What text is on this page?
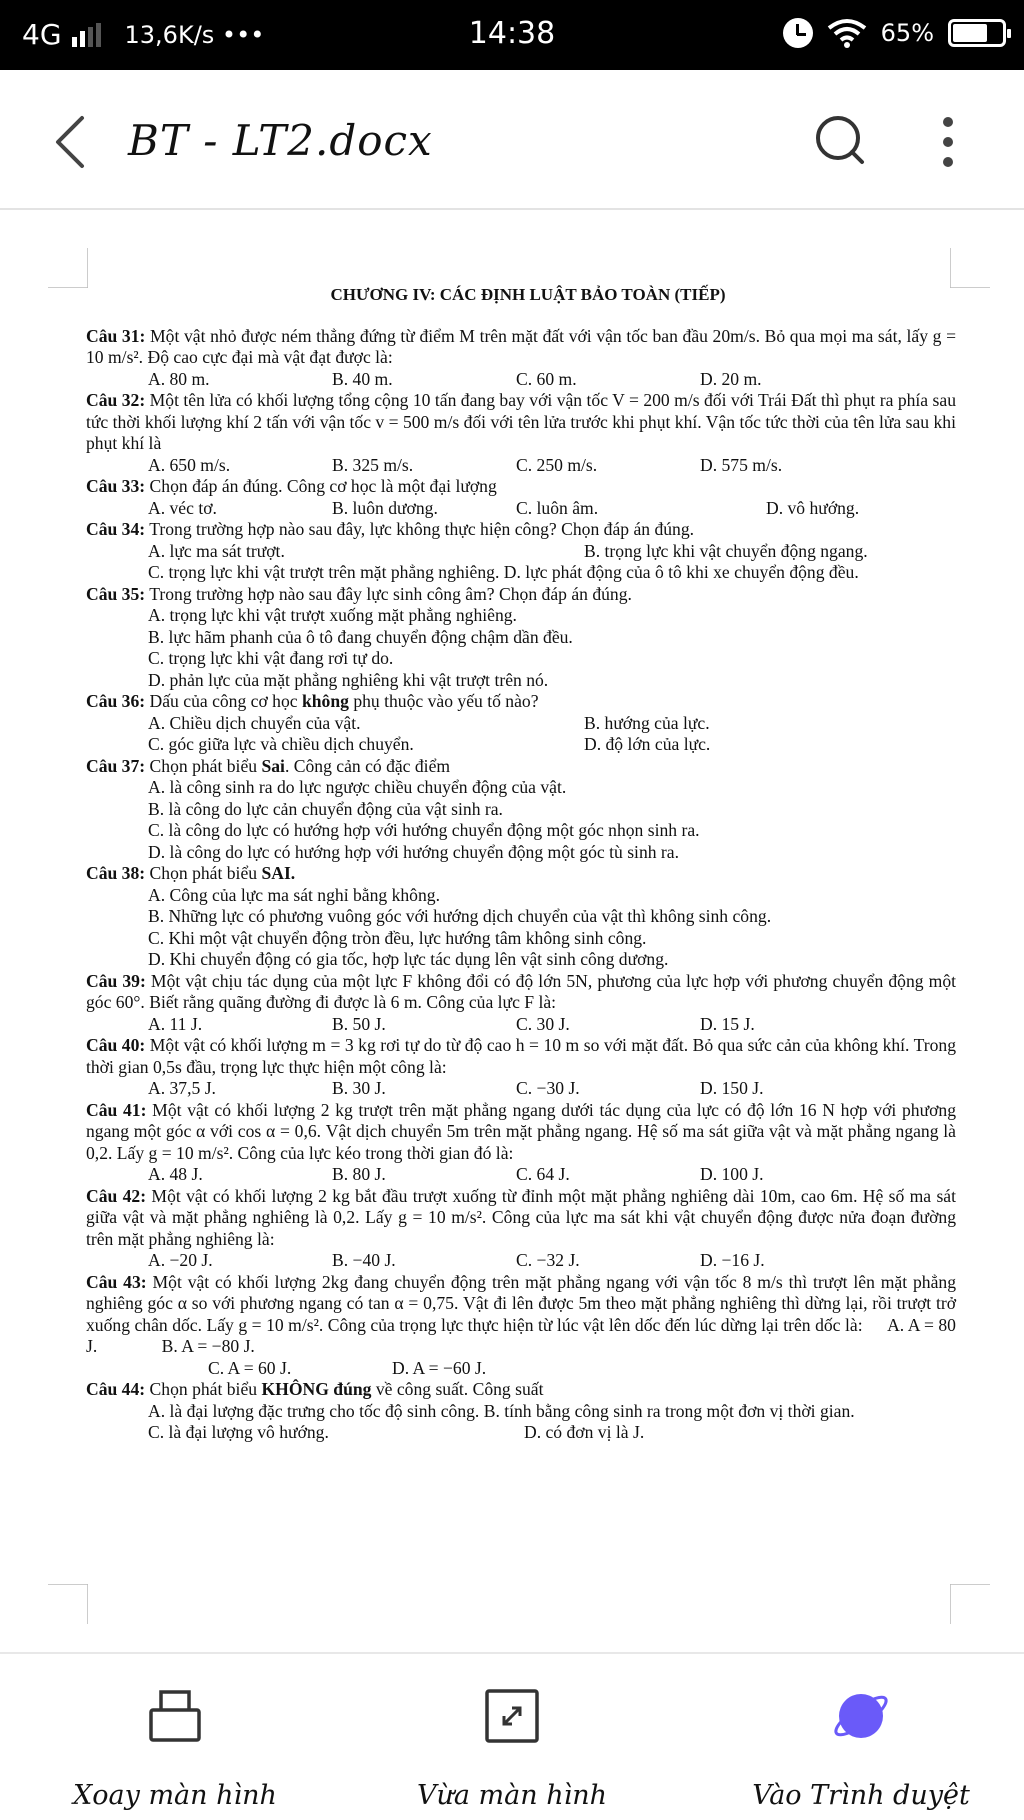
4G	13,6K/s •••	14:38	65%
BT - LT2.docx
CHƯƠNG IV: CÁC ĐỊNH LUẬT BẢO TOÀN (TIẾP)
Câu 31: Một vật nhỏ được ném thẳng đứng từ điểm M trên mặt đất với vận tốc ban đầu 20m/s. Bỏ qua mọi ma sát, lấy g = 10 m/s². Độ cao cực đại mà vật đạt được là:
A. 80 m.	B. 40 m.	C. 60 m.	D. 20 m.
Câu 32: Một tên lửa có khối lượng tổng cộng 10 tấn đang bay với vận tốc V = 200 m/s đối với Trái Đất thì phụt ra phía sau tức thời khối lượng khí 2 tấn với vận tốc v = 500 m/s đối với tên lửa trước khi phụt khí. Vận tốc tức thời của tên lửa sau khi phụt khí là
A. 650 m/s.	B. 325 m/s.	C. 250 m/s.	D. 575 m/s.
Câu 33: Chọn đáp án đúng. Công cơ học là một đại lượng
A. véc tơ.	B. luôn dương.	C. luôn âm.	D. vô hướng.
Câu 34: Trong trường hợp nào sau đây, lực không thực hiện công? Chọn đáp án đúng.
A. lực ma sát trượt.	B. trọng lực khi vật chuyển động ngang.
C. trọng lực khi vật trượt trên mặt phẳng nghiêng. D. lực phát động của ô tô khi xe chuyển động đều.
Câu 35: Trong trường hợp nào sau đây lực sinh công âm? Chọn đáp án đúng.
A. trọng lực khi vật trượt xuống mặt phẳng nghiêng.
B. lực hãm phanh của ô tô đang chuyển động chậm dần đều.
C. trọng lực khi vật đang rơi tự do.
D. phản lực của mặt phẳng nghiêng khi vật trượt trên nó.
Câu 36: Dấu của công cơ học không phụ thuộc vào yếu tố nào?
A. Chiều dịch chuyển của vật.	B. hướng của lực.
C. góc giữa lực và chiều dịch chuyển.	D. độ lớn của lực.
Câu 37: Chọn phát biểu Sai. Công cản có đặc điểm
A. là công sinh ra do lực ngược chiều chuyển động của vật.
B. là công do lực cản chuyển động của vật sinh ra.
C. là công do lực có hướng hợp với hướng chuyển động một góc nhọn sinh ra.
D. là công do lực có hướng hợp với hướng chuyển động một góc tù sinh ra.
Câu 38: Chọn phát biểu SAI.
A. Công của lực ma sát nghỉ bằng không.
B. Những lực có phương vuông góc với hướng dịch chuyển của vật thì không sinh công.
C. Khi một vật chuyển động tròn đều, lực hướng tâm không sinh công.
D. Khi chuyển động có gia tốc, hợp lực tác dụng lên vật sinh công dương.
Câu 39: Một vật chịu tác dụng của một lực F không đổi có độ lớn 5N, phương của lực hợp với phương chuyển động một góc 60°. Biết rằng quãng đường đi được là 6 m. Công của lực F là:
A. 11 J.	B. 50 J.	C. 30 J.	D. 15 J.
Câu 40: Một vật có khối lượng m = 3 kg rơi tự do từ độ cao h = 10 m so với mặt đất. Bỏ qua sức cản của không khí. Trong thời gian 0,5s đầu, trọng lực thực hiện một công là:
A. 37,5 J.	B. 30 J.	C. −30 J.	D. 150 J.
Câu 41: Một vật có khối lượng 2 kg trượt trên mặt phẳng ngang dưới tác dụng của lực có độ lớn 16 N hợp với phương ngang một góc α với cos α = 0,6. Vật dịch chuyển 5m trên mặt phẳng ngang. Hệ số ma sát giữa vật và mặt phẳng ngang là 0,2. Lấy g = 10 m/s². Công của lực kéo trong thời gian đó là:
A. 48 J.	B. 80 J.	C. 64 J.	D. 100 J.
Câu 42: Một vật có khối lượng 2 kg bắt đầu trượt xuống từ đỉnh một mặt phẳng nghiêng dài 10m, cao 6m. Hệ số ma sát giữa vật và mặt phẳng nghiêng là 0,2. Lấy g = 10 m/s². Công của lực ma sát khi vật chuyển động được nửa đoạn đường trên mặt phẳng nghiêng là:
A. −20 J.	B. −40 J.	C. −32 J.	D. −16 J.
Câu 43: Một vật có khối lượng 2kg đang chuyển động trên mặt phẳng ngang với vận tốc 8 m/s thì trượt lên mặt phẳng nghiêng góc α so với phương ngang có tan α = 0,75. Vật đi lên được 5m theo mặt phẳng nghiêng thì dừng lại, rồi trượt trở xuống chân dốc. Lấy g = 10 m/s². Công của trọng lực thực hiện từ lúc vật lên dốc đến lúc dừng lại trên dốc là: A. A = 80 J.	B. A = −80 J.
C. A = 60 J.	D. A = −60 J.
Câu 44: Chọn phát biểu KHÔNG đúng về công suất. Công suất
A. là đại lượng đặc trưng cho tốc độ sinh công. B. tính bằng công sinh ra trong một đơn vị thời gian.
C. là đại lượng vô hướng.	D. có đơn vị là J.
Xoay màn hình	Vừa màn hình	Vào Trình duyệt
